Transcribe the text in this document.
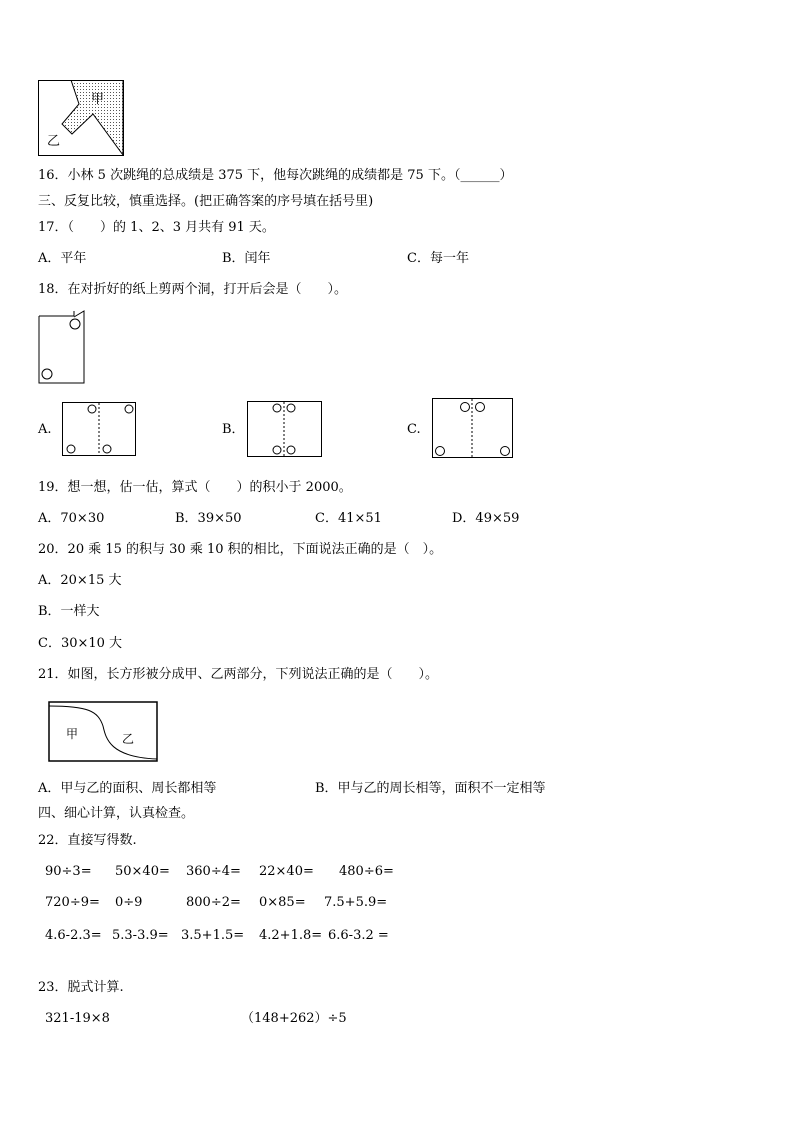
甲
乙
16．小林 5 次跳绳的总成绩是 375 下，他每次跳绳的成绩都是 75 下。（______）
三、反复比较，慎重选择。(把正确答案的序号填在括号里)
17．（　　）的 1、2、3 月共有 91 天。
A．平年	B．闰年	C．每一年
18．在对折好的纸上剪两个洞，打开后会是（　　）。
A.	B．	C.
19．想一想，估一估，算式（　　）的积小于 2000。
A．70×30	B．39×50	C．41×51	D．49×59
20．20 乘 15 的积与 30 乘 10 积的相比，下面说法正确的是（　）。
A．20×15 大
B．一样大
C．30×10 大
21．如图，长方形被分成甲、乙两部分，下列说法正确的是（　　）。
甲	乙
A．甲与乙的面积、周长都相等	B．甲与乙的周长相等，面积不一定相等
四、细心计算，认真检查。
22．直接写得数.
90÷3= 50×40= 360÷4= 22×40= 480÷6=
720÷9= 0÷9	800÷2= 0×85= 7.5+5.9=
4.6-2.3= 5.3-3.9= 3.5+1.5= 4.2+1.8= 6.6-3.2 =
23．脱式计算.
321-19×8	（148+262）÷5
